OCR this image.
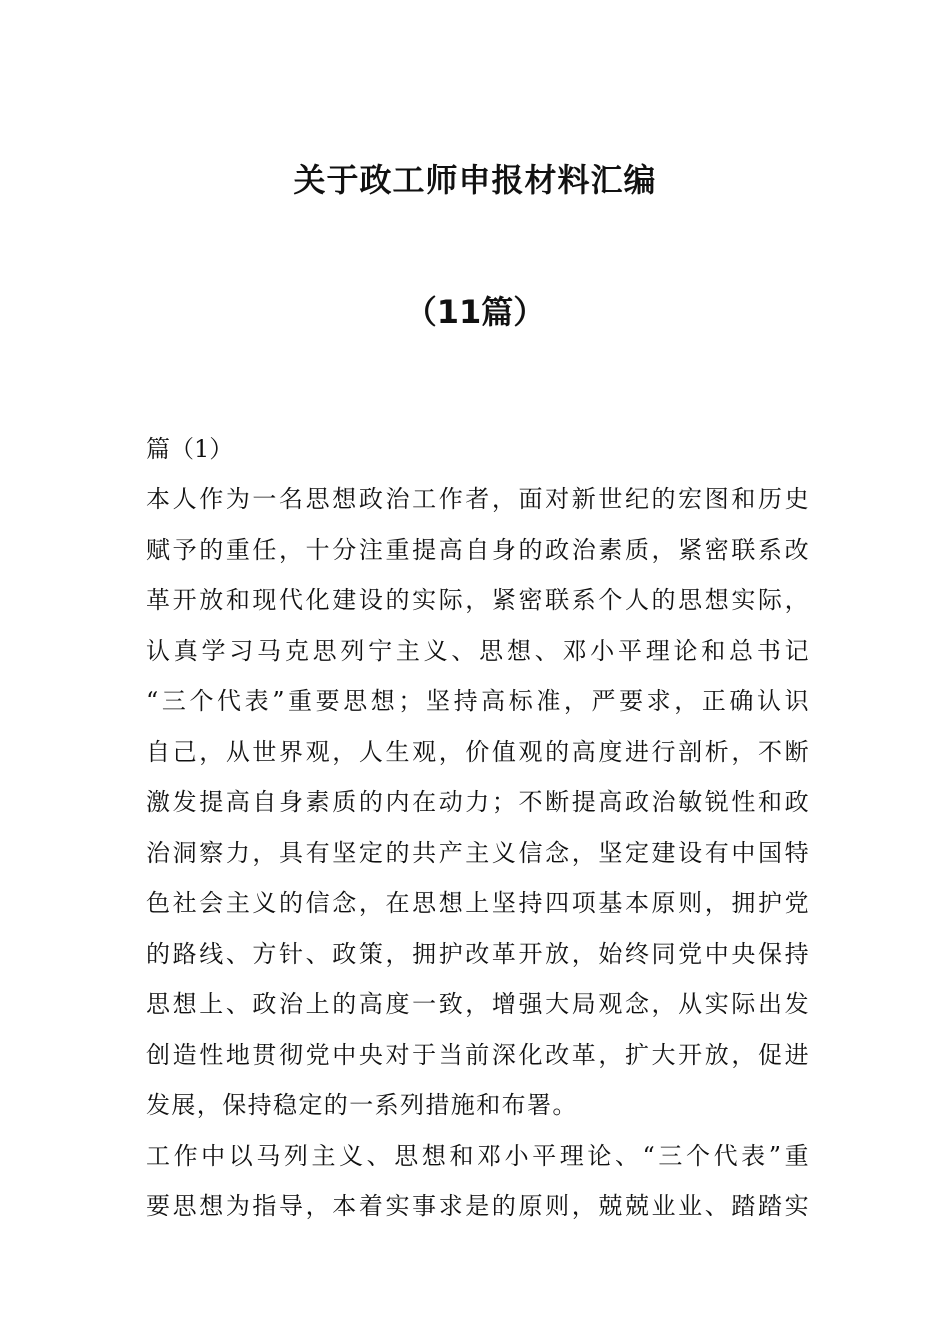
关于政工师申报材料汇编
（11篇）

篇（1）

本人作为一名思想政治工作者，面对新世纪的宏图和历史
赋予的重任，十分注重提高自身的政治素质，紧密联系改
革开放和现代化建设的实际，紧密联系个人的思想实际，
认真学习马克思列宁主义、思想、邓小平理论和总书记
“三个代表”重要思想；坚持高标准，严要求，正确认识
自己，从世界观，人生观，价值观的高度进行剖析，不断
激发提高自身素质的内在动力；不断提高政治敏锐性和政
治洞察力，具有坚定的共产主义信念，坚定建设有中国特
色社会主义的信念，在思想上坚持四项基本原则，拥护党
的路线、方针、政策，拥护改革开放，始终同党中央保持
思想上、政治上的高度一致，增强大局观念，从实际出发
创造性地贯彻党中央对于当前深化改革，扩大开放，促进
发展，保持稳定的一系列措施和布署。

工作中以马列主义、思想和邓小平理论、“三个代表”重
要思想为指导，本着实事求是的原则，兢兢业业、踏踏实
